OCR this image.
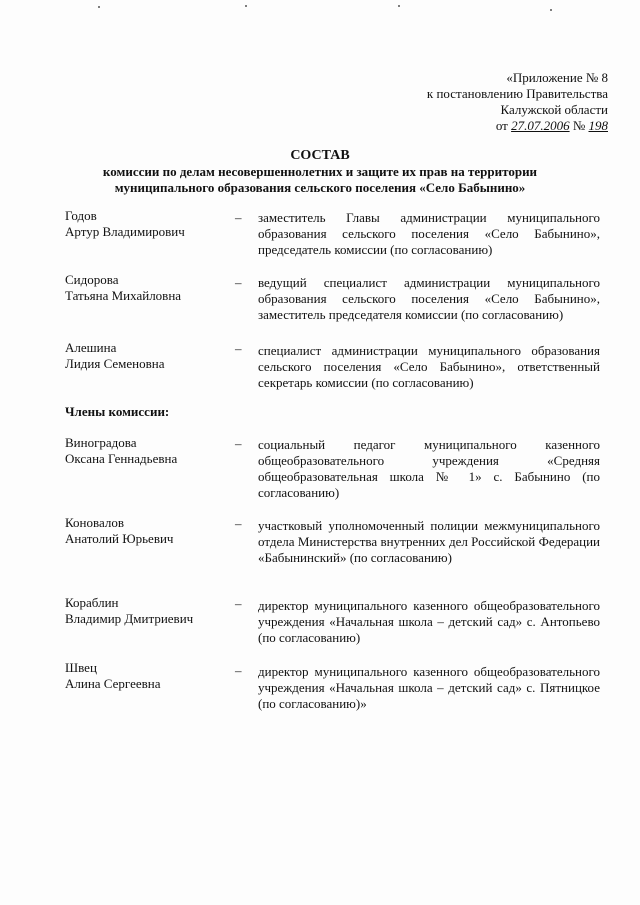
«Приложение № 8
к постановлению Правительства
Калужской области
от 27.07.2006 № 198
СОСТАВ
комиссии по делам несовершеннолетних и защите их прав на территории
муниципального образования сельского поселения «Село Бабынино»
Годов
Артур Владимирович
– заместитель Главы администрации муниципального образования сельского поселения «Село Бабынино», председатель комиссии (по согласованию)
Сидорова
Татьяна Михайловна
– ведущий специалист администрации муниципального образования сельского поселения «Село Бабынино», заместитель председателя комиссии (по согласованию)
Алешина
Лидия Семеновна
– специалист администрации муниципального образования сельского поселения «Село Бабынино», ответственный секретарь комиссии (по согласованию)
Члены комиссии:
Виноградова
Оксана Геннадьевна
– социальный педагог муниципального казенного общеобразовательного учреждения «Средняя общеобразовательная школа № 1» с. Бабынино (по согласованию)
Коновалов
Анатолий Юрьевич
– участковый уполномоченный полиции межмуниципального отдела Министерства внутренних дел Российской Федерации «Бабынинский» (по согласованию)
Кораблин
Владимир Дмитриевич
– директор муниципального казенного общеобразовательного учреждения «Начальная школа – детский сад» с. Антопьево (по согласованию)
Швец
Алина Сергеевна
– директор муниципального казенного общеобразовательного учреждения «Начальная школа – детский сад» с. Пятницкое (по согласованию)»
